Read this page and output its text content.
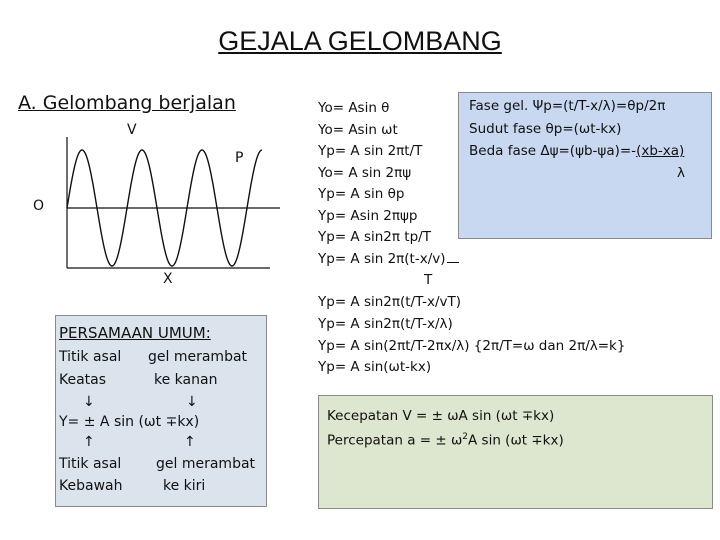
GEJALA GELOMBANG
A. Gelombang berjalan
V
P
O
X
PERSAMAAN UMUM:
Titik asal gel merambat
Keatas	ke kanan
↓	↓
Y= ± A sin (ωt ∓kx)
↑	↑
Titik asal gel merambat
Kebawah	ke kiri
Fase gel. Ψp=(t/T-x/λ)=θp/2π
Sudut fase θp=(ωt-kx)
Beda fase Δψ=(ψb-ψa)=-(xb-xa)
λ
Yo= Asin θ
Yo= Asin ωt
Yp= A sin 2πt/T
Yo= A sin 2πψ
Yp= A sin θp
Yp= Asin 2πψp
Yp= A sin2π tp/T
Yp= A sin 2π(t-x/v)
T
Yp= A sin2π(t/T-x/vT)
Yp= A sin2π(t/T-x/λ)
Yp= A sin(2πt/T-2πx/λ) {2π/T=ω dan 2π/λ=k}
Yp= A sin(ωt-kx)
Kecepatan V = ± ωA sin (ωt ∓kx)
Percepatan a = ± $\omega^2A$ sin (ωt ∓kx)
